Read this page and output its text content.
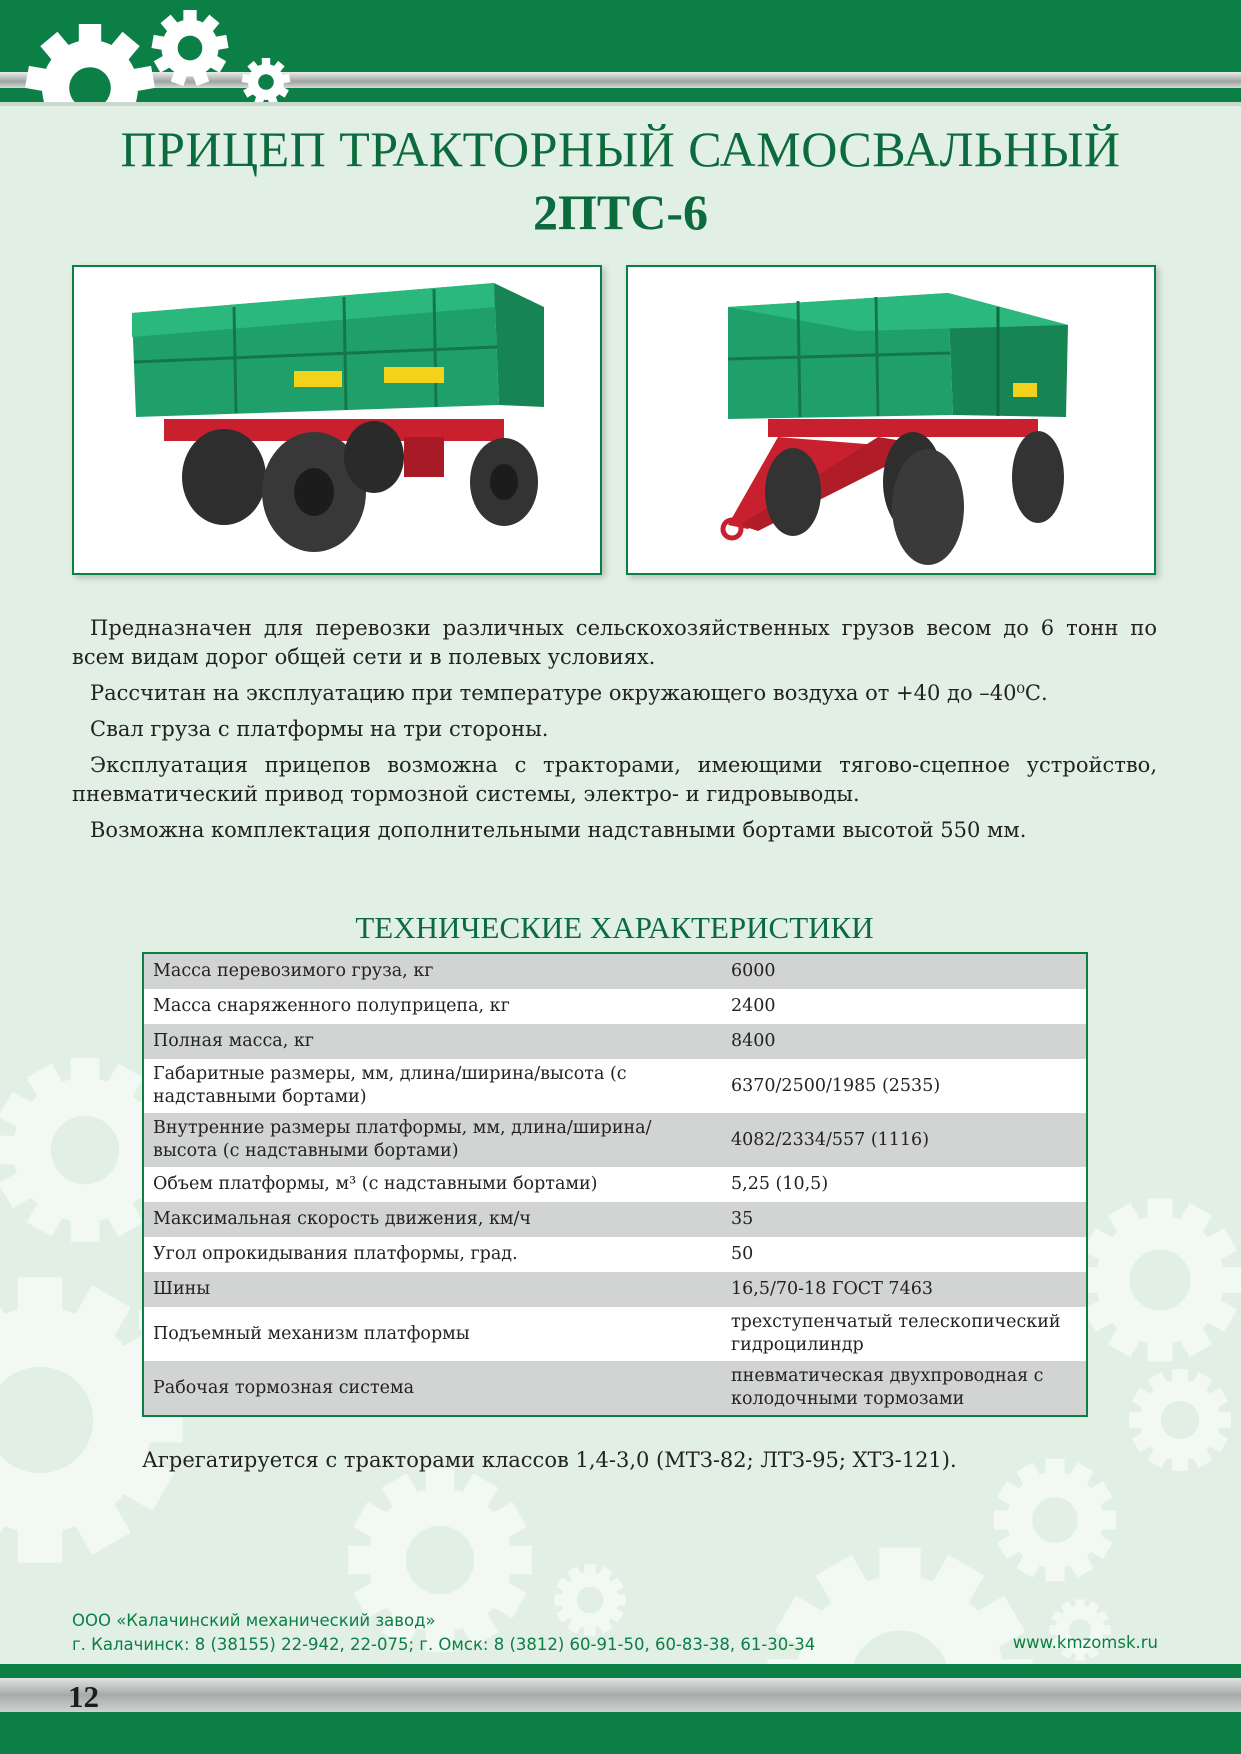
ПРИЦЕП ТРАКТОРНЫЙ САМОСВАЛЬНЫЙ
2ПТС-6

Предназначен для перевозки различных сельскохозяйственных грузов весом до 6 тонн по всем видам дорог общей сети и в полевых условиях.

Рассчитан на эксплуатацию при температуре окружающего воздуха от +40 до –40⁰С.

Свал груза с платформы на три стороны.

Эксплуатация прицепов возможна с тракторами, имеющими тягово-сцепное устройство, пневматический привод тормозной системы, электро- и гидровыводы.

Возможна комплектация дополнительными надставными бортами высотой 550 мм.

ТЕХНИЧЕСКИЕ ХАРАКТЕРИСТИКИ
Масса перевозимого груза, кг	6000
Масса снаряженного полуприцепа, кг	2400
Полная масса, кг	8400
Габаритные размеры, мм, длина/ширина/высота (с надставными бортами)	6370/2500/1985 (2535)
Внутренние размеры платформы, мм, длина/ширина/высота (с надставными бортами)	4082/2334/557 (1116)
Объем платформы, м³ (с надставными бортами)	5,25 (10,5)
Максимальная скорость движения, км/ч	35
Угол опрокидывания платформы, град.	50
Шины	16,5/70-18 ГОСТ 7463
Подъемный механизм платформы	трехступенчатый телескопический гидроцилиндр
Рабочая тормозная система	пневматическая двухпроводная с колодочными тормозами
Агрегатируется с тракторами классов 1,4-3,0 (МТЗ-82; ЛТЗ-95; ХТЗ-121).
ООО «Калачинский механический завод»
г. Калачинск: 8 (38155) 22-942, 22-075; г. Омск: 8 (3812) 60-91-50, 60-83-38, 61-30-34	www.kmzomsk.ru
12
